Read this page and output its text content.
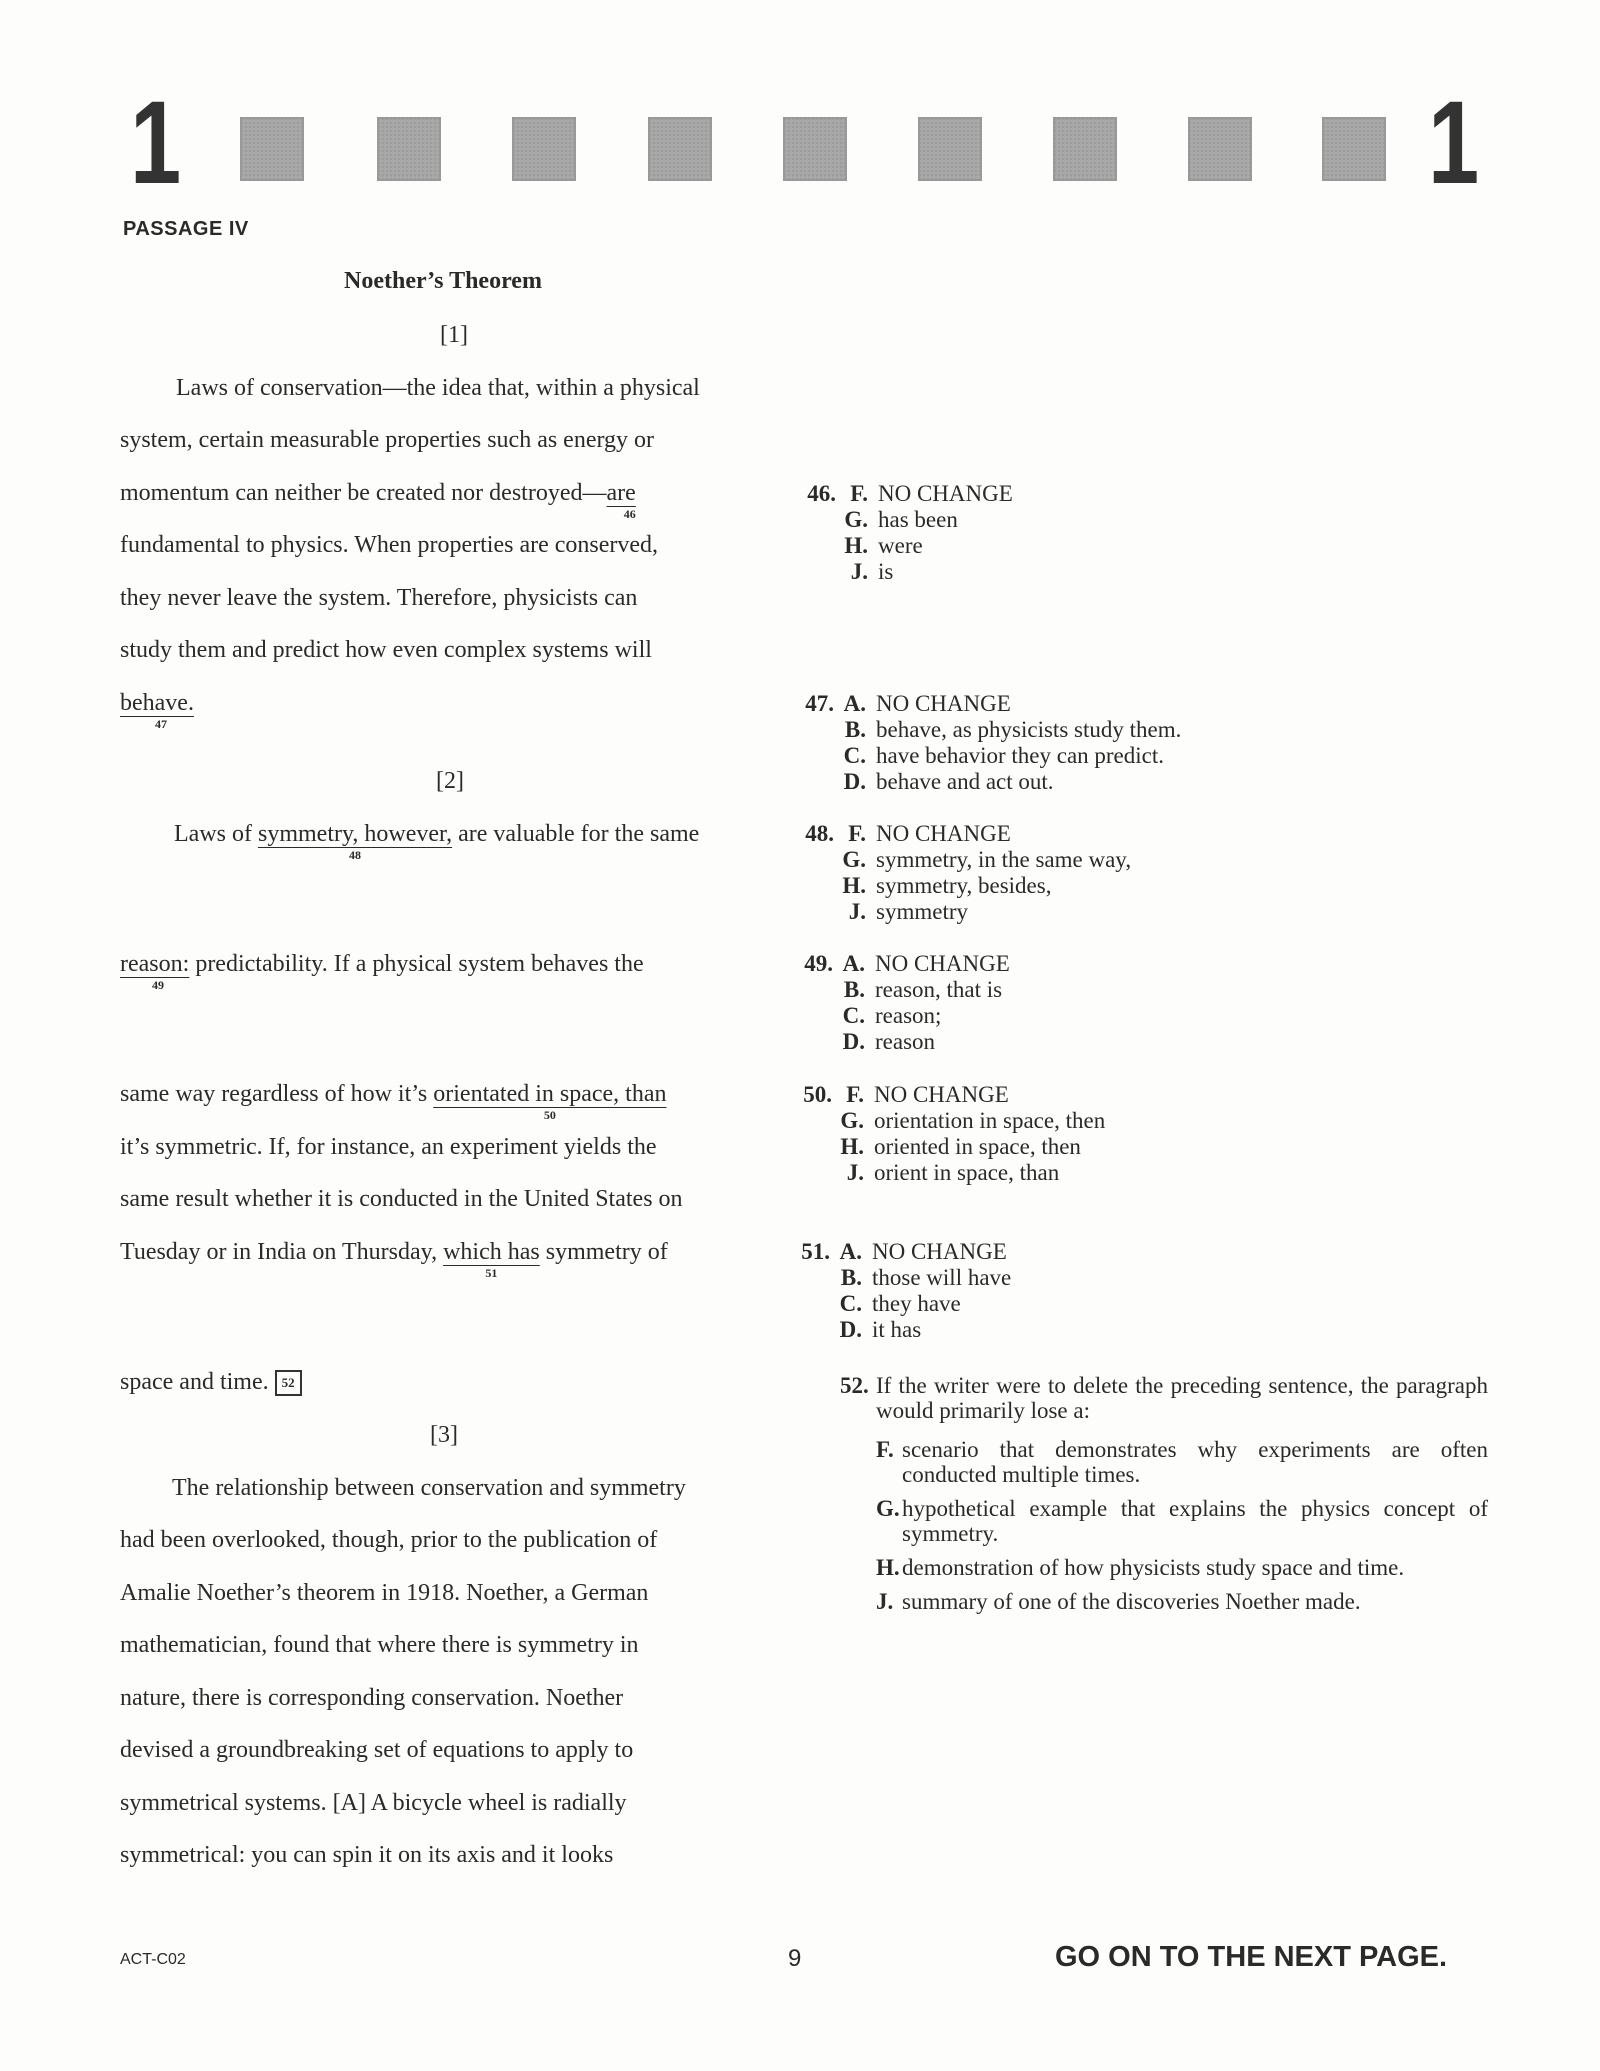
1	1
PASSAGE IV
Noether’s Theorem
[1]
Laws of conservation—the idea that, within a physical
system, certain measurable properties such as energy or
momentum can neither be created nor destroyed—are
46
fundamental to physics. When properties are conserved,
they never leave the system. Therefore, physicists can
study them and predict how even complex systems will
behave.
47
[2]
Laws of symmetry, however,
48
are valuable for the same
reason:
49
predictability. If a physical system behaves the
same way regardless of how it’s orientated in space, than
50
it’s symmetric. If, for instance, an experiment yields the
same result whether it is conducted in the United States on
Tuesday or in India on Thursday, which has
51
symmetry of
space and time. 52
[3]
The relationship between conservation and symmetry
had been overlooked, though, prior to the publication of
Amalie Noether’s theorem in 1918. Noether, a German
mathematician, found that where there is symmetry in
nature, there is corresponding conservation. Noether
devised a groundbreaking set of equations to apply to
symmetrical systems. [A] A bicycle wheel is radially
symmetrical: you can spin it on its axis and it looks
46. F. NO CHANGE
G. has been
H. were
J. is
47. A. NO CHANGE
B. behave, as physicists study them.
C. have behavior they can predict.
D. behave and act out.
48. F. NO CHANGE
G. symmetry, in the same way,
H. symmetry, besides,
J. symmetry
49. A. NO CHANGE
B. reason, that is
C. reason;
D. reason
50. F. NO CHANGE
G. orientation in space, then
H. oriented in space, then
J. orient in space, than
51. A. NO CHANGE
B. those will have
C. they have
D. it has
52. If the writer were to delete the preceding sentence, the paragraph would primarily lose a:
F. scenario that demonstrates why experiments are often conducted multiple times.
G. hypothetical example that explains the physics concept of symmetry.
H. demonstration of how physicists study space and time.
J. summary of one of the discoveries Noether made.
ACT-C02	9	GO ON TO THE NEXT PAGE.
